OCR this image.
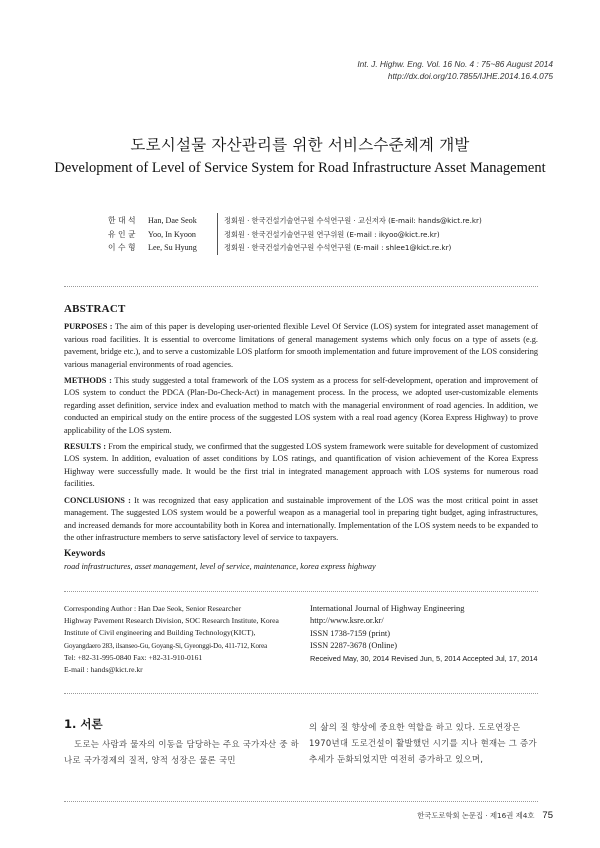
Int. J. Highw. Eng. Vol. 16 No. 4 : 75~86 August 2014
http://dx.doi.org/10.7855/IJHE.2014.16.4.075
도로시설물 자산관리를 위한 서비스수준체계 개발
Development of Level of Service System for Road Infrastructure Asset Management
한 대 석	Han, Dae Seok	정회원 · 한국건설기술연구원 수석연구원 · 교신저자 (E-mail: hands@kict.re.kr)
유 인 균	Yoo, In Kyoon	정회원 · 한국건설기술연구원 연구위원 (E-mail : ikyoo@kict.re.kr)
이 수 형	Lee, Su Hyung	정회원 · 한국건설기술연구원 수석연구원 (E-mail : shlee1@kict.re.kr)
ABSTRACT

PURPOSES : The aim of this paper is developing user-oriented flexible Level Of Service (LOS) system for integrated asset management of various road facilities. It is essential to overcome limitations of general management systems which only focus on a type of assets (e.g. pavement, bridge etc.), and to serve a customizable LOS platform for smooth implementation and future improvement of the LOS considering various managerial environments of road agencies.

METHODS : This study suggested a total framework of the LOS system as a process for self-development, operation and improvement of LOS system to conduct the PDCA (Plan-Do-Check-Act) in management process. In the process, we adopted user-customizable elements regarding asset definition, service index and evaluation method to match with the managerial environment of road agencies. In addition, we conducted an empirical study on the entire process of the suggested LOS system with a real road agency (Korea Express Highway) to prove applicability of the LOS system.

RESULTS : From the empirical study, we confirmed that the suggested LOS system framework were suitable for development of customized LOS system. In addition, evaluation of asset conditions by LOS ratings, and quantification of vision achievement of the Korea Express Highway were successfully made. It would be the first trial in integrated management approach with LOS systems for numerous road facilities.

CONCLUSIONS : It was recognized that easy application and sustainable improvement of the LOS was the most critical point in asset management. The suggested LOS system would be a powerful weapon as a managerial tool in preparing tight budget, aging infrastructures, and increased demands for more accountability both in Korea and internationally. Implementation of the LOS system needs to be expanded to the other infrastructure members to serve satisfactory level of service to taxpayers.

Keywords
road infrastructures, asset management, level of service, maintenance, korea express highway
Corresponding Author : Han Dae Seok, Senior Researcher
Highway Pavement Research Division, SOC Research Institute, Korea
Institute of Civil engineering and Building Technology(KICT),
Goyangdaero 283, ilsanseo-Gu, Goyang-Si, Gyeonggi-Do, 411-712, Korea
Tel: +82-31-995-0840 Fax: +82-31-910-0161
E-mail : hands@kict.re.kr
International Journal of Highway Engineering
http://www.ksre.or.kr/
ISSN 1738-7159 (print)
ISSN 2287-3678 (Online)
Received May, 30, 2014 Revised Jun, 5, 2014 Accepted Jul, 17, 2014
1. 서론
도로는 사람과 물자의 이동을 담당하는 주요 국가자산 중 하나로 국가경제의 질적, 양적 성장은 물론 국민
의 삶의 질 향상에 중요한 역할을 하고 있다. 도로연장은 1970년대 도로건설이 활발했던 시기를 지나 현재는 그 증가추세가 둔화되었지만 여전히 증가하고 있으며,
한국도로학회 논문집 · 제16권 제4호 75
